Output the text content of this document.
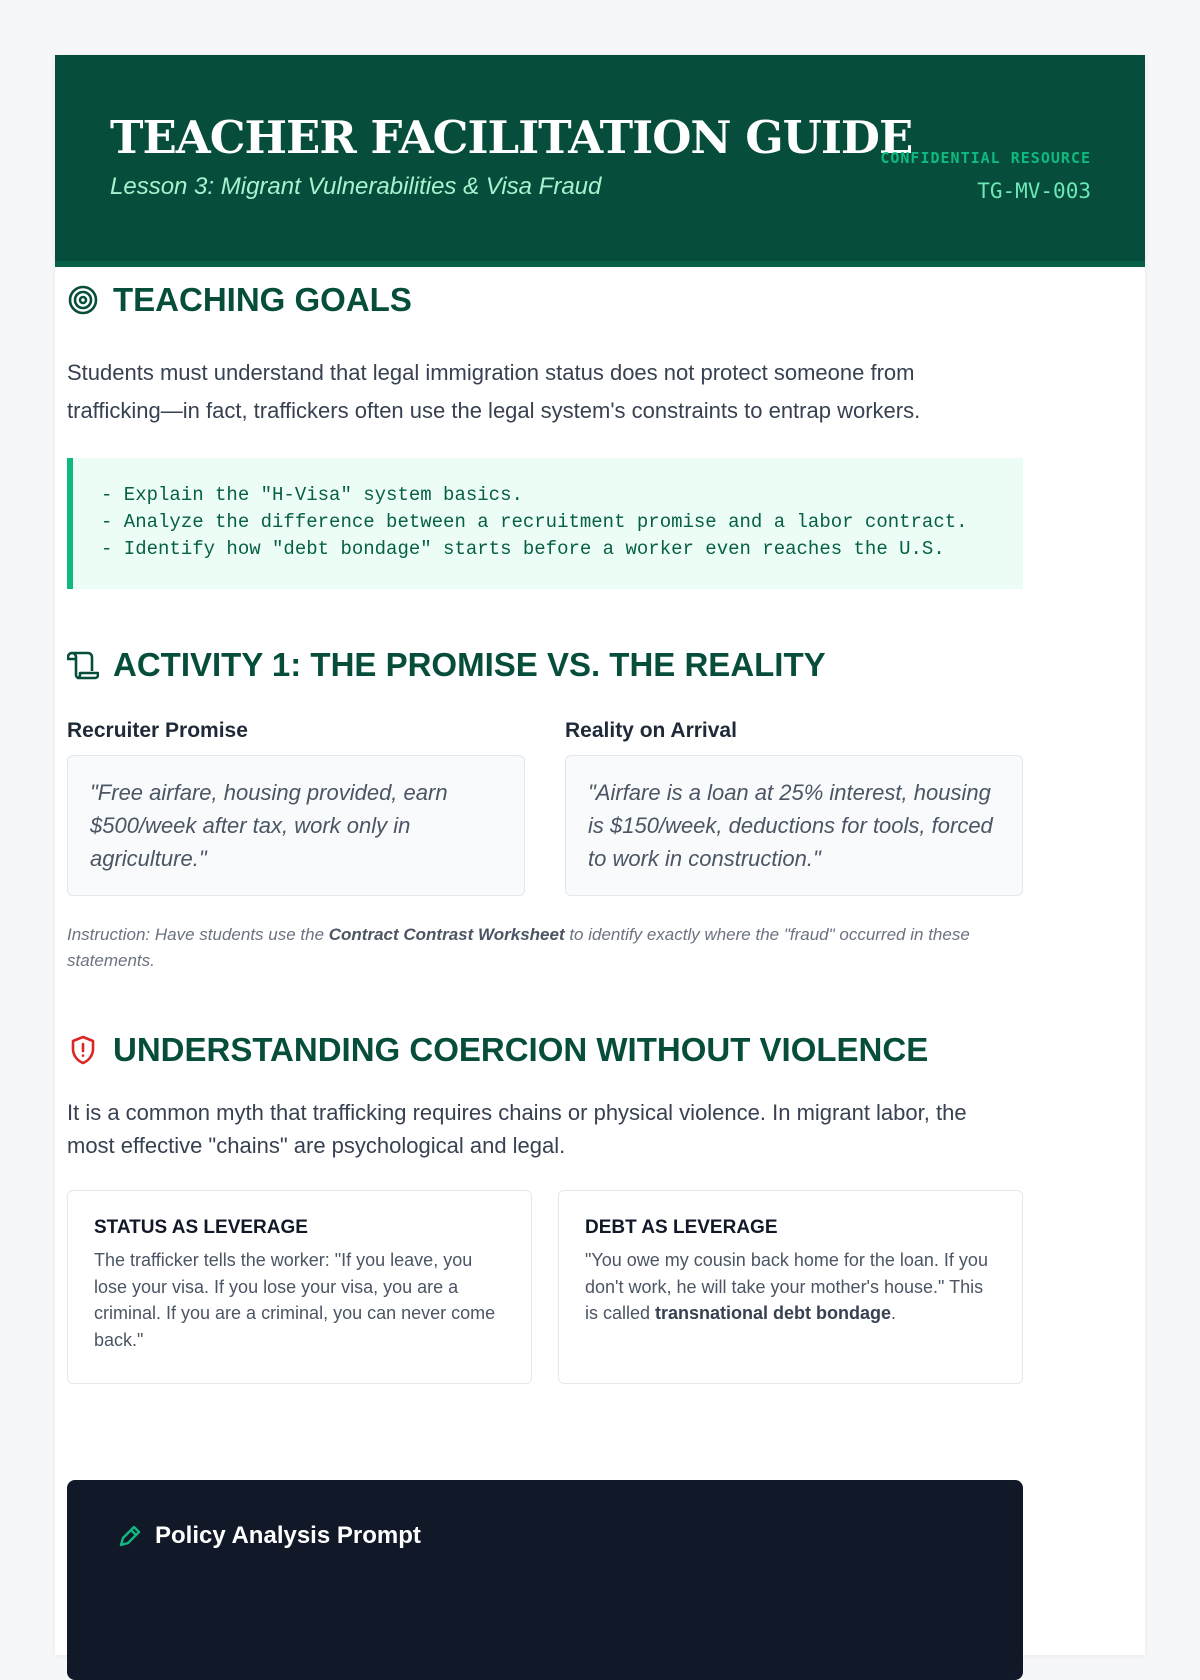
TEACHER FACILITATION GUIDE
Lesson 3: Migrant Vulnerabilities & Visa Fraud
CONFIDENTIAL RESOURCE
TG-MV-003
TEACHING GOALS

Students must understand that legal immigration status does not protect someone from trafficking—in fact, traffickers often use the legal system's constraints to entrap workers.

- Explain the "H-Visa" system basics.
- Analyze the difference between a recruitment promise and a labor contract.
- Identify how "debt bondage" starts before a worker even reaches the U.S.
ACTIVITY 1: THE PROMISE VS. THE REALITY
Recruiter Promise
"Free airfare, housing provided, earn $500/week after tax, work only in agriculture."
Reality on Arrival
"Airfare is a loan at 25% interest, housing is $150/week, deductions for tools, forced to work in construction."
Instruction: Have students use the Contract Contrast Worksheet to identify exactly where the "fraud" occurred in these statements.
UNDERSTANDING COERCION WITHOUT VIOLENCE

It is a common myth that trafficking requires chains or physical violence. In migrant labor, the most effective "chains" are psychological and legal.

STATUS AS LEVERAGE
The trafficker tells the worker: "If you leave, you lose your visa. If you lose your visa, you are a criminal. If you are a criminal, you can never come back."
DEBT AS LEVERAGE
"You owe my cousin back home for the loan. If you don't work, he will take your mother's house." This is called transnational debt bondage.
Policy Analysis Prompt
